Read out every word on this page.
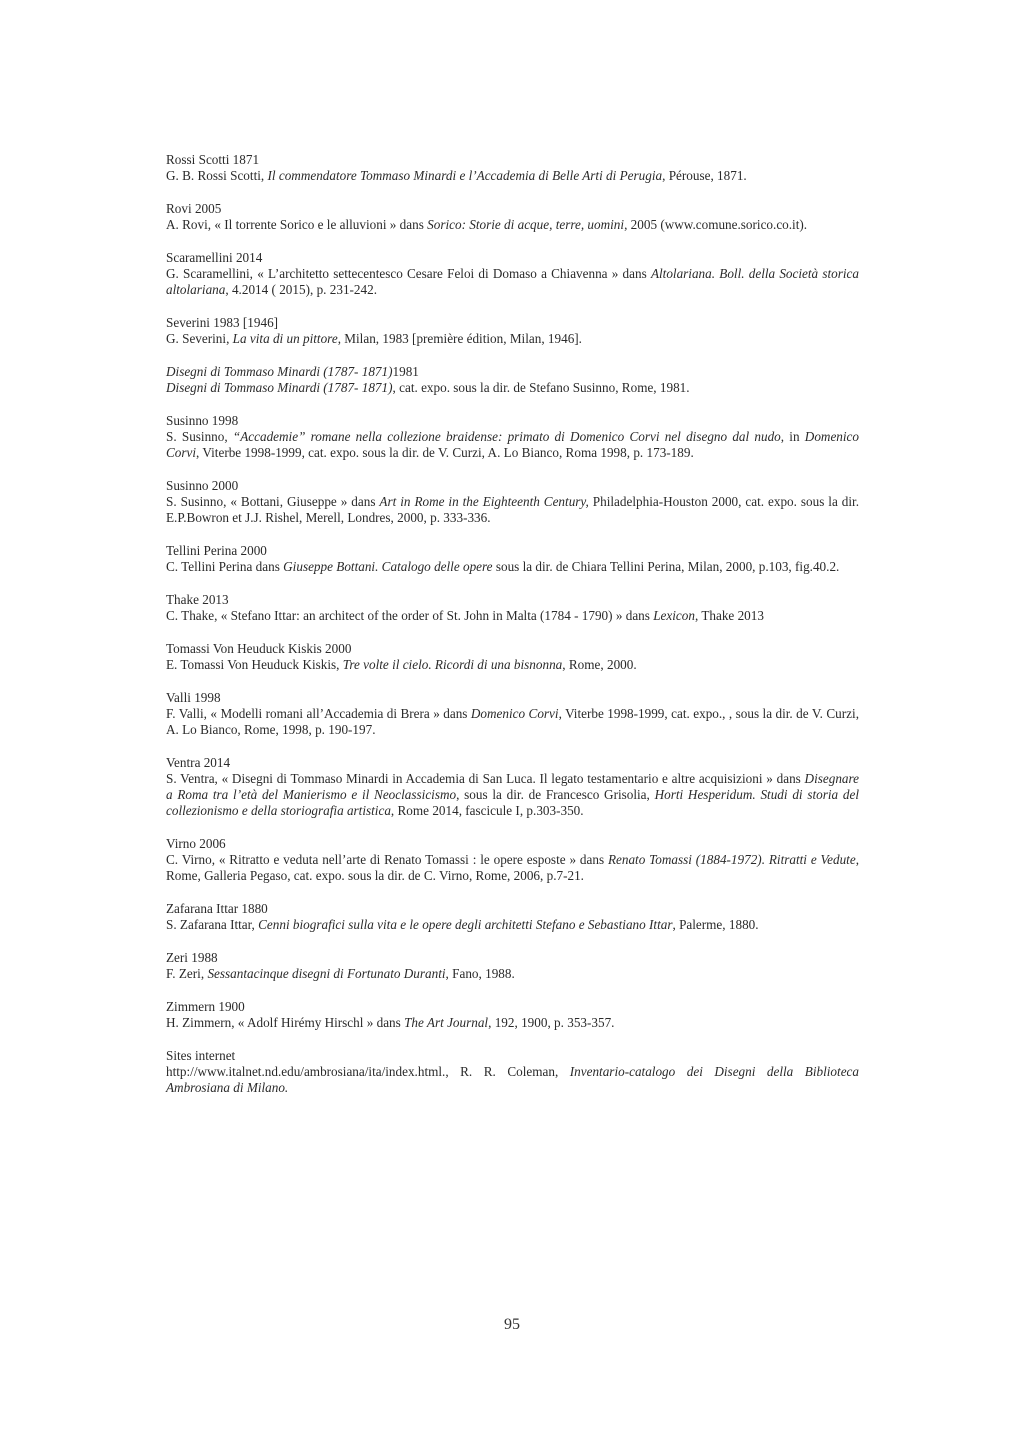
Rossi Scotti 1871
G. B. Rossi Scotti, Il commendatore Tommaso Minardi e l’Accademia di Belle Arti di Perugia, Pérouse, 1871.
Rovi 2005
A. Rovi, « Il torrente Sorico e le alluvioni » dans Sorico: Storie di acque, terre, uomini, 2005 (www.comune.sorico.co.it).
Scaramellini 2014
G. Scaramellini, « L’architetto settecentesco Cesare Feloi di Domaso a Chiavenna » dans Altolariana. Boll. della Società storica altolariana, 4.2014 ( 2015), p. 231-242.
Severini 1983 [1946]
G. Severini, La vita di un pittore, Milan, 1983 [première édition, Milan, 1946].
Disegni di Tommaso Minardi (1787- 1871)1981
Disegni di Tommaso Minardi (1787- 1871), cat. expo. sous la dir. de Stefano Susinno, Rome, 1981.
Susinno 1998
S. Susinno, “Accademie” romane nella collezione braidense: primato di Domenico Corvi nel disegno dal nudo, in Domenico Corvi, Viterbe 1998-1999, cat. expo. sous la dir. de V. Curzi, A. Lo Bianco, Roma 1998, p. 173-189.
Susinno 2000
S. Susinno, « Bottani, Giuseppe » dans Art in Rome in the Eighteenth Century, Philadelphia-Houston 2000, cat. expo. sous la dir. E.P.Bowron et J.J. Rishel, Merell, Londres, 2000, p. 333-336.
Tellini Perina 2000
C. Tellini Perina dans Giuseppe Bottani. Catalogo delle opere sous la dir. de Chiara Tellini Perina, Milan, 2000, p.103, fig.40.2.
Thake 2013
C. Thake, « Stefano Ittar: an architect of the order of St. John in Malta (1784 - 1790) » dans Lexicon, Thake 2013
Tomassi Von Heuduck Kiskis 2000
E. Tomassi Von Heuduck Kiskis, Tre volte il cielo. Ricordi di una bisnonna, Rome, 2000.
Valli 1998
F. Valli, « Modelli romani all’Accademia di Brera » dans Domenico Corvi, Viterbe 1998-1999, cat. expo., , sous la dir. de V. Curzi, A. Lo Bianco, Rome, 1998, p. 190-197.
Ventra 2014
S. Ventra, « Disegni di Tommaso Minardi in Accademia di San Luca. Il legato testamentario e altre acquisizioni » dans Disegnare a Roma tra l’età del Manierismo e il Neoclassicismo, sous la dir. de Francesco Grisolia, Horti Hesperidum. Studi di storia del collezionismo e della storiografia artistica, Rome 2014, fascicule I, p.303-350.
Virno 2006
C. Virno, « Ritratto e veduta nell’arte di Renato Tomassi : le opere esposte » dans Renato Tomassi (1884-1972). Ritratti e Vedute, Rome, Galleria Pegaso, cat. expo. sous la dir. de C. Virno, Rome, 2006, p.7-21.
Zafarana Ittar 1880
S. Zafarana Ittar, Cenni biografici sulla vita e le opere degli architetti Stefano e Sebastiano Ittar, Palerme, 1880.
Zeri 1988
F. Zeri, Sessantacinque disegni di Fortunato Duranti, Fano, 1988.
Zimmern 1900
H. Zimmern, « Adolf Hirémy Hirschl » dans The Art Journal, 192, 1900, p. 353-357.
Sites internet
http://www.italnet.nd.edu/ambrosiana/ita/index.html., R. R. Coleman, Inventario-catalogo dei Disegni della Biblioteca Ambrosiana di Milano.
95
